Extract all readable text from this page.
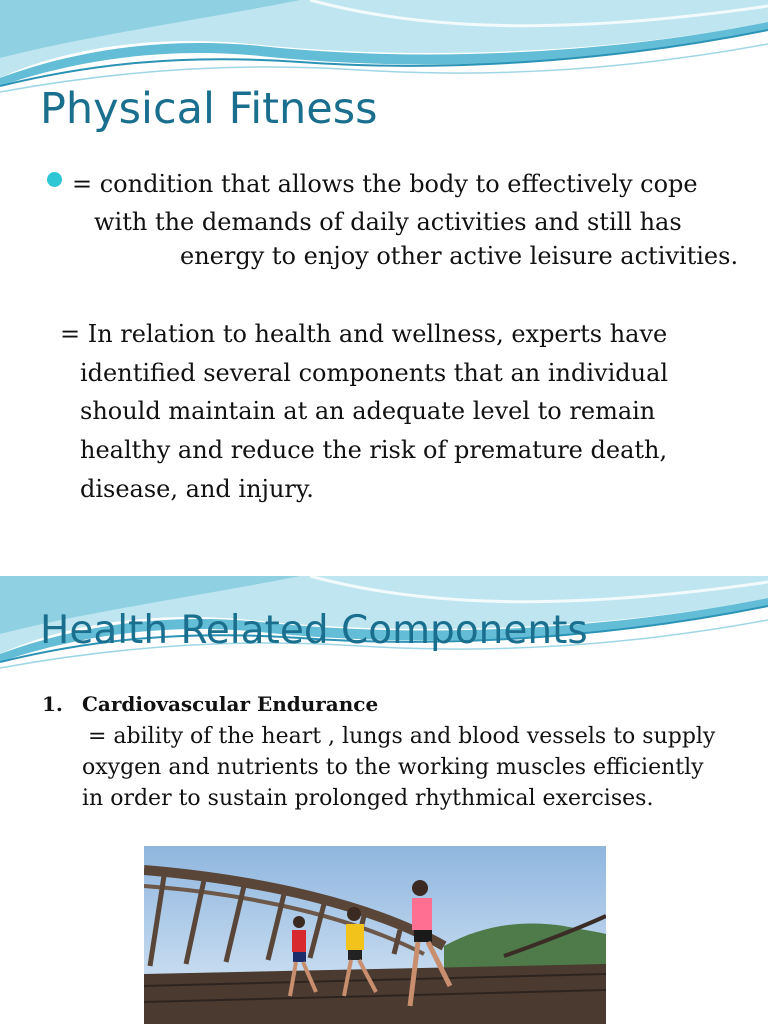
Physical Fitness

= condition that allows the body to effectively cope

with the demands of daily activities and still has

energy to enjoy other active leisure activities.

= In relation to health and wellness, experts have

identified several components that an individual

should maintain at an adequate level to remain

healthy and reduce the risk of premature death,

disease, and injury.

Health Related Components
1. Cardiovascular Endurance

= ability of the heart , lungs and blood vessels to supply

oxygen and nutrients to the working muscles efficiently

in order to sustain prolonged rhythmical exercises.
